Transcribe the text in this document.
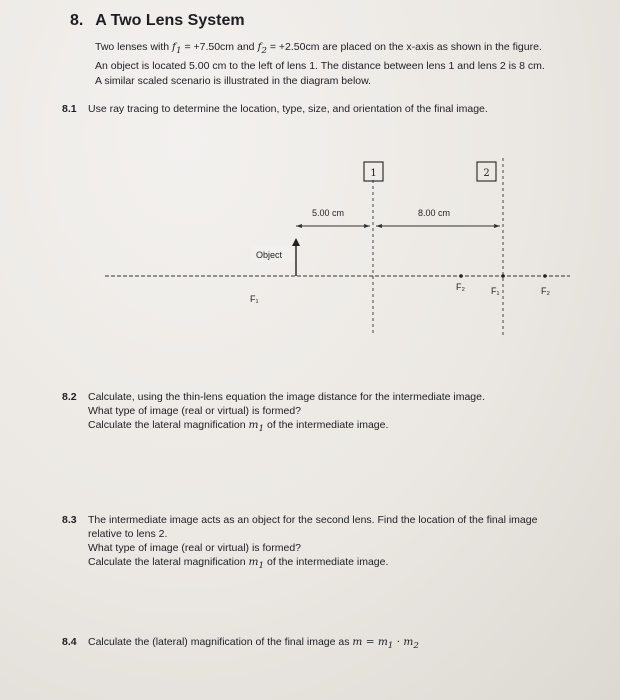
8. A Two Lens System

Two lenses with $f_1 = +7.50cm$ and $f_2 = +2.50cm$ are placed on the x-axis as shown in the figure.

An object is located 5.00 cm to the left of lens 1. The distance between lens 1 and lens 2 is 8 cm.

A similar scaled scenario is illustrated in the diagram below.

8.1 Use ray tracing to determine the location, type, size, and orientation of the final image.
1	2
5.00 cm	8.00 cm
Object
F₁
F₂	F₁	F₂
8.2 Calculate, using the thin-lens equation the image distance for the intermediate image.
What type of image (real or virtual) is formed?
Calculate the lateral magnification $m_1$ of the intermediate image.
8.3 The intermediate image acts as an object for the second lens. Find the location of the final image
relative to lens 2.
What type of image (real or virtual) is formed?
Calculate the lateral magnification $m_1$ of the intermediate image.
8.4 Calculate the (lateral) magnification of the final image as $m = m_1 \cdot m_2$
